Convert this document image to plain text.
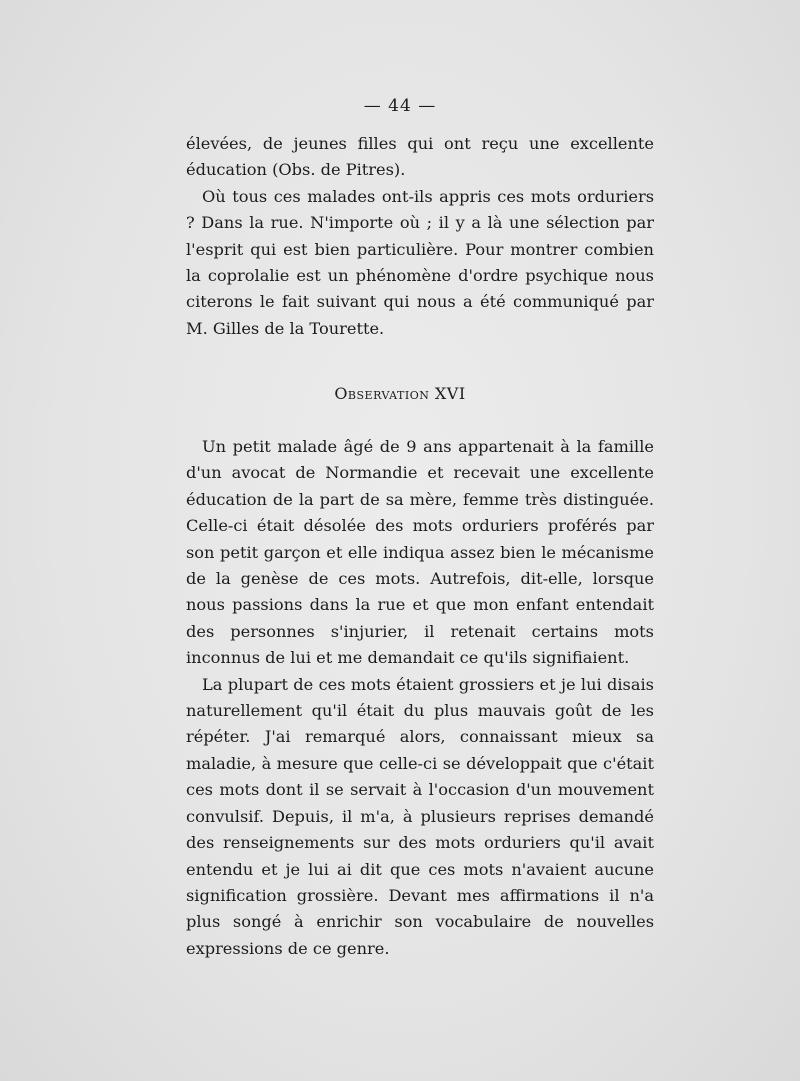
— 44 —

élevées, de jeunes filles qui ont reçu une excellente éducation (Obs. de Pitres).

Où tous ces malades ont-ils appris ces mots orduriers ? Dans la rue. N'importe où ; il y a là une sélection par l'esprit qui est bien particulière. Pour montrer combien la coprolalie est un phénomène d'ordre psychique nous citerons le fait suivant qui nous a été communiqué par M. Gilles de la Tourette.

Observation XVI

Un petit malade âgé de 9 ans appartenait à la famille d'un avocat de Normandie et recevait une excellente éducation de la part de sa mère, femme très distinguée. Celle-ci était désolée des mots orduriers proférés par son petit garçon et elle indiqua assez bien le mécanisme de la genèse de ces mots. Autrefois, dit-elle, lorsque nous passions dans la rue et que mon enfant entendait des personnes s'injurier, il retenait certains mots inconnus de lui et me demandait ce qu'ils signifiaient.

La plupart de ces mots étaient grossiers et je lui disais naturellement qu'il était du plus mauvais goût de les répéter. J'ai remarqué alors, connaissant mieux sa maladie, à mesure que celle-ci se développait que c'était ces mots dont il se servait à l'occasion d'un mouvement convulsif. Depuis, il m'a, à plusieurs reprises demandé des renseignements sur des mots orduriers qu'il avait entendu et je lui ai dit que ces mots n'avaient aucune signification grossière. Devant mes affirmations il n'a plus songé à enrichir son vocabulaire de nouvelles expressions de ce genre.
